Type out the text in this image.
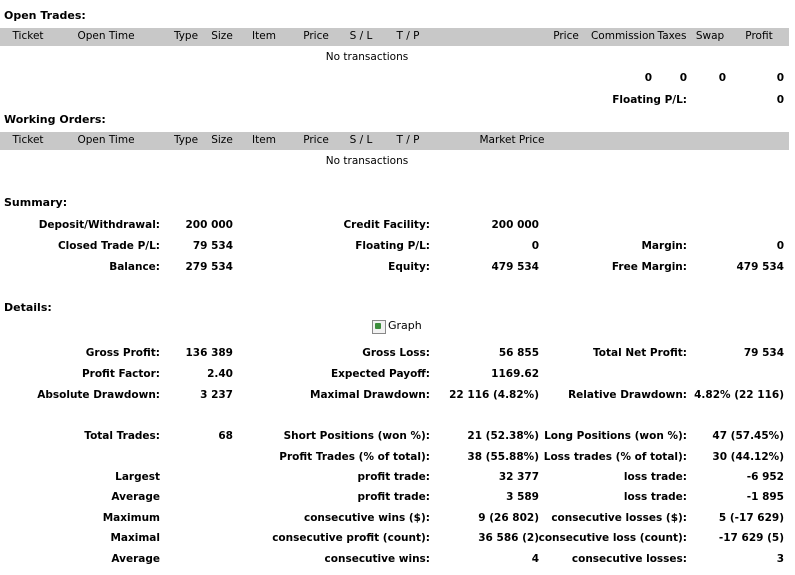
Open Trades:
Ticket	Open Time	Type Size Item	Price S / L T / P	Price Commission Taxes Swap Profit
No transactions
0	0	0	0
Floating P/L:	0
Working Orders:
Ticket	Open Time	Type Size Item	Price S / L T / P	Market Price
No transactions
Summary:
Deposit/Withdrawal: 200 000	Credit Facility:	200 000
Closed Trade P/L:	79 534	Floating P/L:	0	Margin:	0
Balance: 279 534	Equity:	479 534	Free Margin:	479 534
Details:
Graph
Gross Profit: 136 389	Gross Loss:	56 855	Total Net Profit:	79 534
Profit Factor:	2.40	Expected Payoff:	1169.62
Absolute Drawdown:	3 237	Maximal Drawdown: 22 116 (4.82%)	Relative Drawdown: 4.82% (22 116)
Total Trades:	68	Short Positions (won %):	21 (52.38%) Long Positions (won %): 47 (57.45%)
Profit Trades (% of total):	38 (55.88%) Loss trades (% of total): 30 (44.12%)
Largest	profit trade:	32 377	loss trade:	-6 952
Average	profit trade:	3 589	loss trade:	-1 895
Maximum	consecutive wins ($):	9 (26 802) consecutive losses ($):	5 (-17 629)
Maximal	consecutive profit (count):	36 586 (2) consecutive loss (count):	-17 629 (5)
Average	consecutive wins:	4	consecutive losses:	3
